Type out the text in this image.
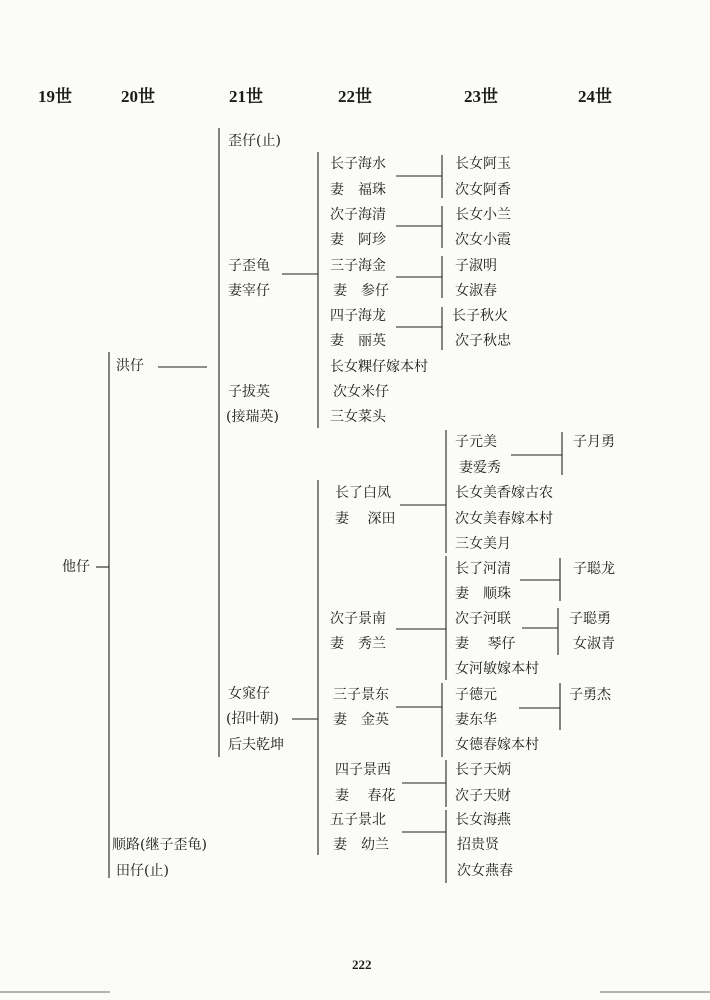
19世	20世	21世	22世	23世	24世
他仔
洪仔
顺路(继子歪龟)
田仔(止)
歪仔(止)
子歪龟
妻宰仔
子拔英
(接瑞英)
女窕仔
(招叶朝)
后夫乾坤
长子海水
妻　福珠
次子海清
妻　阿珍
三子海金
妻　参仔
四子海龙
妻　丽英
长女粿仔嫁本村
次女米仔
三女菜头
长了白凤
妻　 深田
次子景南
妻　秀兰
三子景东
妻　金英
四子景西
妻　 春花
五子景北
妻　幼兰
长女阿玉
次女阿香
长女小兰
次女小霞
子淑明
女淑春
长子秋火
次子秋忠
子元美
妻爱秀
长女美香嫁古农
次女美春嫁本村
三女美月
长了河清
妻　顺珠
次子河联
妻　 琴仔
女河敏嫁本村
子德元
妻东华
女德春嫁本村
长子天炳
次子天财
长女海燕
招贵贤
次女燕春
子月勇
子聪龙
子聪勇
女淑青
子勇杰
222
